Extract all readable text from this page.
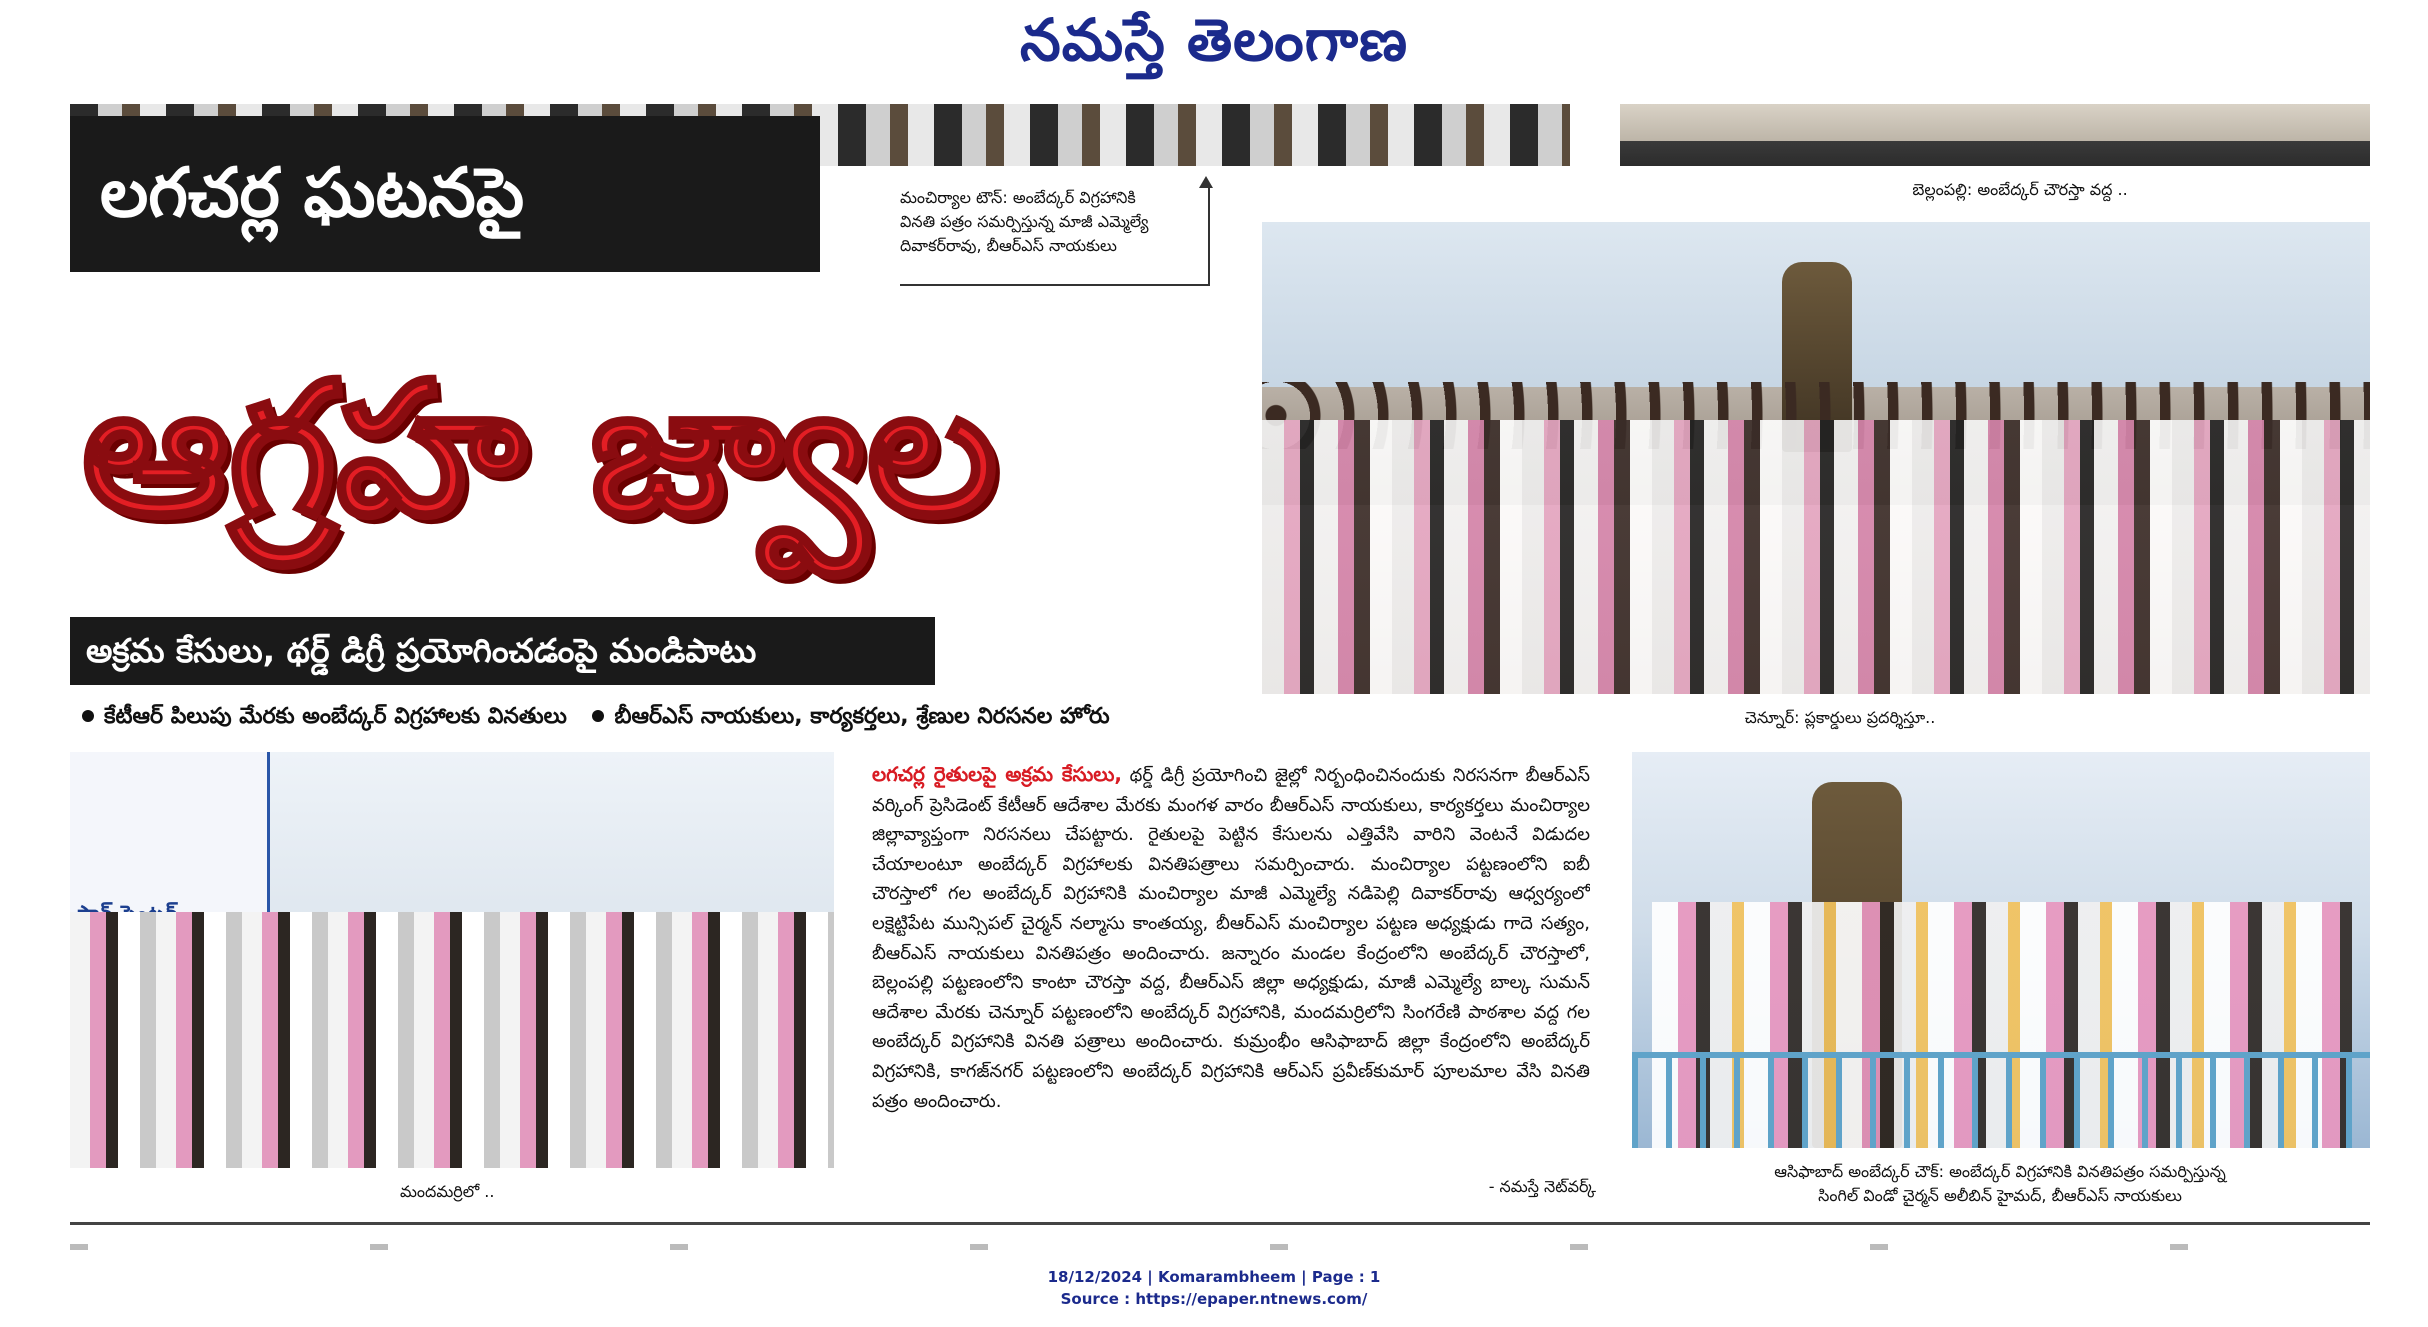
నమస్తే తెలంగాణ
లగచర్ల ఘటనపై	మంచిర్యాల టౌన్: అంబేద్కర్ విగ్రహానికి
వినతి పత్రం సమర్పిస్తున్న మాజీ ఎమ్మెల్యే
దివాకర్‌రావు, బీఆర్ఎస్ నాయకులు
బెల్లంపల్లి: అంబేద్కర్ చౌరస్తా వద్ద ..
ఆగ్రహ జ్వాల
చెన్నూర్: ప్లకార్డులు ప్రదర్శిస్తూ..
అక్రమ కేసులు, థర్డ్ డిగ్రీ ప్రయోగించడంపై మండిపాటు
కేటీఆర్ పిలుపు మేరకు అంబేద్కర్ విగ్రహాలకు వినతులు బీఆర్ఎస్ నాయకులు, కార్యకర్తలు, శ్రేణుల నిరసనల హోరు
మందమర్రిలో ..
లగచర్ల రైతులపై అక్రమ కేసులు, థర్డ్ డిగ్రీ ప్రయోగించి జైల్లో నిర్బంధించినందుకు నిరసనగా బీఆర్ఎస్ వర్కింగ్ ప్రెసిడెంట్ కేటీఆర్ ఆదేశాల మేరకు మంగళ వారం బీఆర్ఎస్ నాయకులు, కార్యకర్తలు మంచిర్యాల జిల్లావ్యాప్తంగా నిరసనలు చేపట్టారు. రైతులపై పెట్టిన కేసులను ఎత్తివేసి వారిని వెంటనే విడుదల చేయాలంటూ అంబేద్కర్ విగ్రహాలకు వినతిపత్రాలు సమర్పించారు. మంచిర్యాల పట్టణంలోని ఐబీ చౌరస్తాలో గల అంబేద్కర్ విగ్రహానికి మంచిర్యాల మాజీ ఎమ్మెల్యే నడిపెల్లి దివాకర్‌రావు ఆధ్వర్యంలో లక్షెట్టిపేట మున్సిపల్ చైర్మన్ నల్మాసు కాంతయ్య, బీఆర్ఎస్ మంచిర్యాల పట్టణ అధ్యక్షుడు గాదె సత్యం, బీఆర్ఎస్ నాయకులు వినతిపత్రం అందించారు. జన్నారం మండల కేంద్రంలోని అంబేద్కర్ చౌరస్తాలో, బెల్లంపల్లి పట్టణంలోని కాంటా చౌరస్తా వద్ద, బీఆర్ఎస్ జిల్లా అధ్యక్షుడు, మాజీ ఎమ్మెల్యే బాల్క సుమన్ ఆదేశాల మేరకు చెన్నూర్ పట్టణంలోని అంబేద్కర్ విగ్రహానికి, మందమర్రిలోని సింగరేణి పాఠశాల వద్ద గల అంబేద్కర్ విగ్రహానికి వినతి పత్రాలు అందించారు. కుమ్రంభీం ఆసిఫాబాద్ జిల్లా కేంద్రంలోని అంబేద్కర్ విగ్రహానికి, కాగజ్‌నగర్ పట్టణంలోని అంబేద్కర్ విగ్రహానికి ఆర్ఎస్ ప్రవీణ్‌కుమార్ పూలమాల వేసి వినతి పత్రం అందించారు.
- నమస్తే నెట్‌వర్క్
ఆసిఫాబాద్ అంబేద్కర్ చౌక్: అంబేద్కర్ విగ్రహానికి వినతిపత్రం సమర్పిస్తున్న
సింగిల్ విండో చైర్మన్ అలీబిన్ హైమద్, బీఆర్ఎస్ నాయకులు
18/12/2024 | Komarambheem | Page : 1
Source : https://epaper.ntnews.com/
